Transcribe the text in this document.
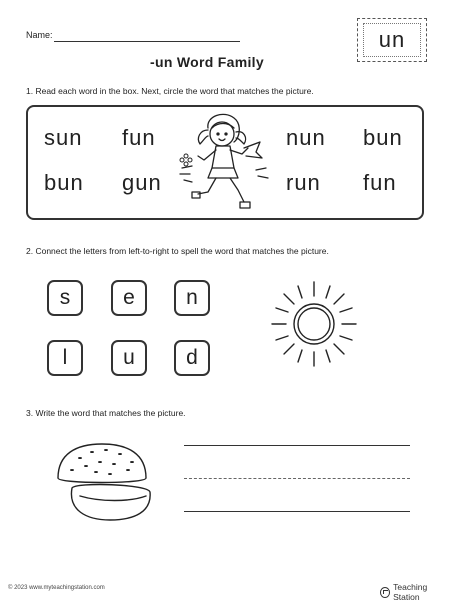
Name:
-un Word Family
un
1. Read each word in the box. Next, circle the word that matches the picture.
sun fun	nun bun
bun gun	run fun
2. Connect the letters from left-to-right to spell the word that matches the picture.
s	e	n
l	u	d
3. Write the word that matches the picture.
© 2023 www.myteachingstation.com	Teaching Station
